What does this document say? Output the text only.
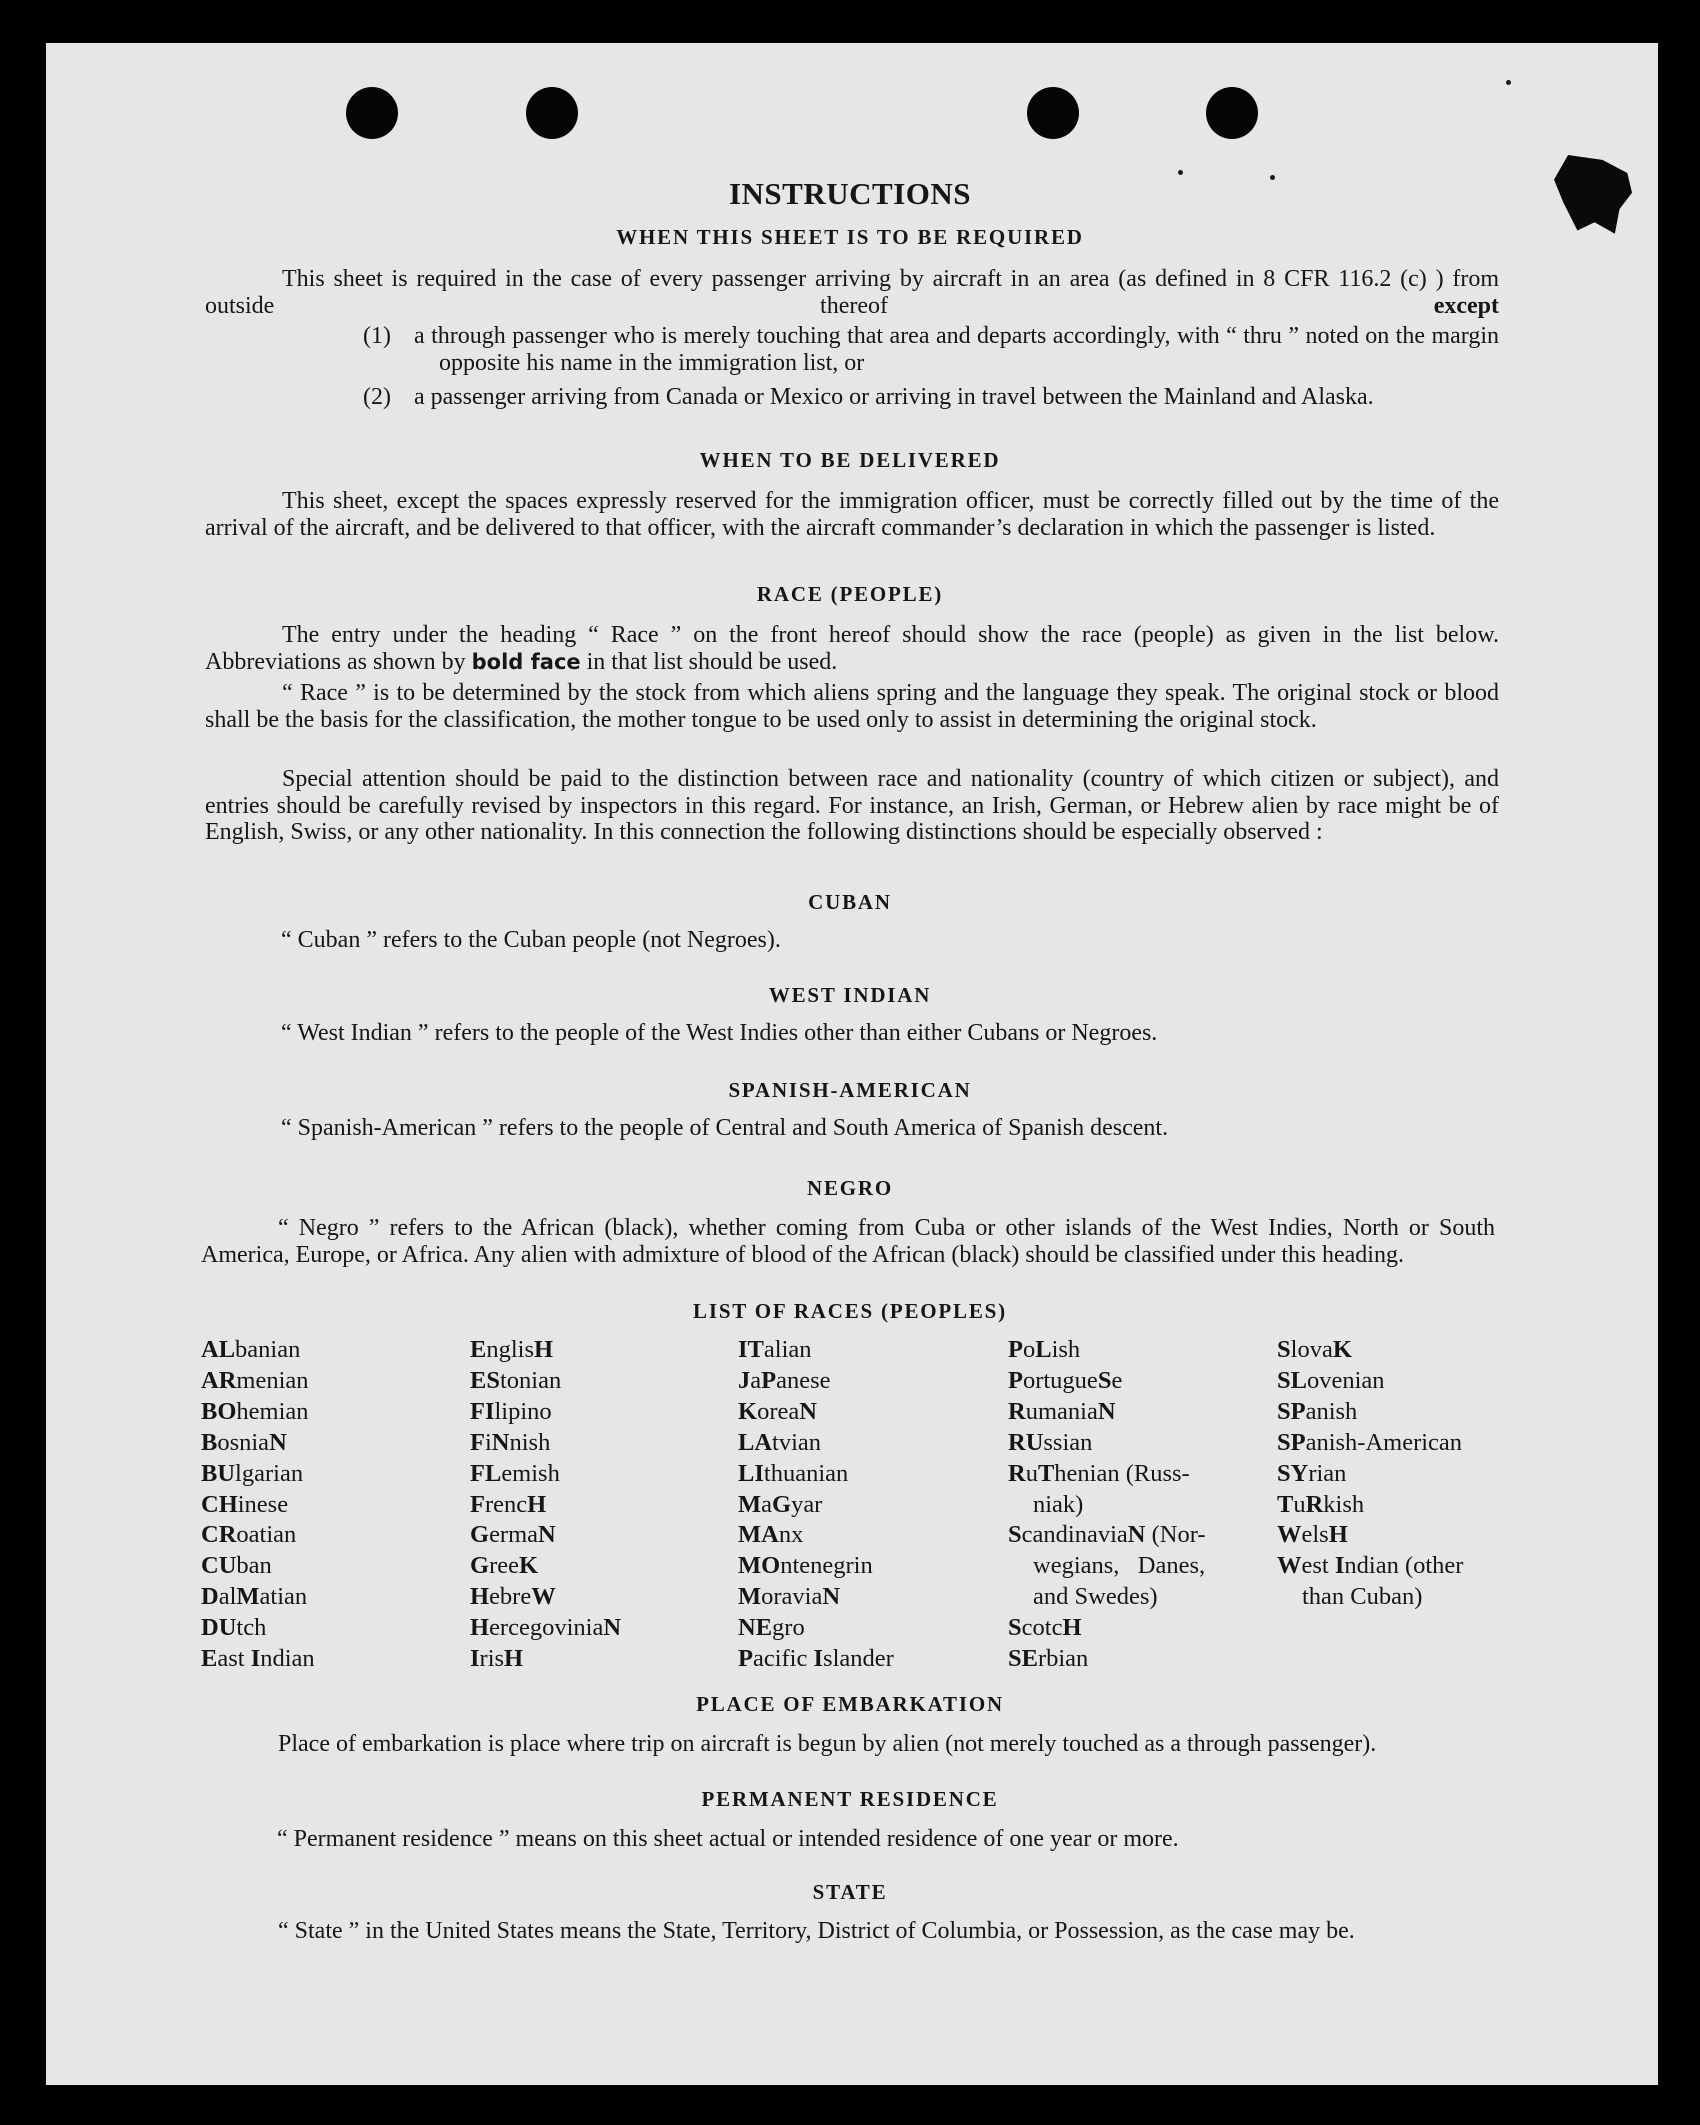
INSTRUCTIONS
WHEN THIS SHEET IS TO BE REQUIRED
This sheet is required in the case of every passenger arriving by aircraft in an area (as defined in 8 CFR 116.2 (c) ) from outside thereof	except
(1) a through passenger who is merely touching that area and departs accordingly, with “ thru ” noted on the margin opposite his name in the immigration list, or
(2) a passenger arriving from Canada or Mexico or arriving in travel between the Mainland and Alaska.
WHEN TO BE DELIVERED
This sheet, except the spaces expressly reserved for the immigration officer, must be correctly filled out by the time of the arrival of the aircraft, and be delivered to that officer, with the aircraft commander’s declaration in which the passenger is listed.
RACE (PEOPLE)
The entry under the heading “ Race ” on the front hereof should show the race (people) as given in the list below. Abbreviations as shown by bold face in that list should be used.
“ Race ” is to be determined by the stock from which aliens spring and the language they speak. The original stock or blood shall be the basis for the classification, the mother tongue to be used only to assist in determining the original stock.
Special attention should be paid to the distinction between race and nationality (country of which citizen or subject), and entries should be carefully revised by inspectors in this regard. For instance, an Irish, German, or Hebrew alien by race might be of English, Swiss, or any other nationality. In this connection the following distinctions should be especially observed :
CUBAN
“ Cuban ” refers to the Cuban people (not Negroes).
WEST INDIAN
“ West Indian ” refers to the people of the West Indies other than either Cubans or Negroes.
SPANISH-AMERICAN
“ Spanish-American ” refers to the people of Central and South America of Spanish descent.
NEGRO
“ Negro ” refers to the African (black), whether coming from Cuba or other islands of the West Indies, North or South America, Europe, or Africa. Any alien with admixture of blood of the African (black) should be classified under this heading.
LIST OF RACES (PEOPLES)
ALbanian
ARmenian
BOhemian
BosniaN
BUlgarian
CHinese
CRoatian
CUban
DalMatian
DUtch
East Indian
EnglisH
EStonian
FIlipino
FiNnish
FLemish
FrencH
GermaN
GreeK
HebreW
HercegoviniaN
IrisH
ITalian
JaPanese
KoreaN
LAtvian
LIthuanian
MaGyar
MAnx
MOntenegrin
MoraviaN
NEgro
Pacific Islander
PoLish
PortugueSe
RumaniaN
RUssian
RuThenian (Russ-
niak)
ScandinaviaN (Nor-
wegians,   Danes,
and Swedes)
ScotcH
SErbian
SlovaK
SLovenian
SPanish
SPanish-American
SYrian
TuRkish
WelsH
West Indian (other
than Cuban)
PLACE OF EMBARKATION
Place of embarkation is place where trip on aircraft is begun by alien (not merely touched as a through passenger).
PERMANENT RESIDENCE
“ Permanent residence ” means on this sheet actual or intended residence of one year or more.
STATE
“ State ” in the United States means the State, Territory, District of Columbia, or Possession, as the case may be.
